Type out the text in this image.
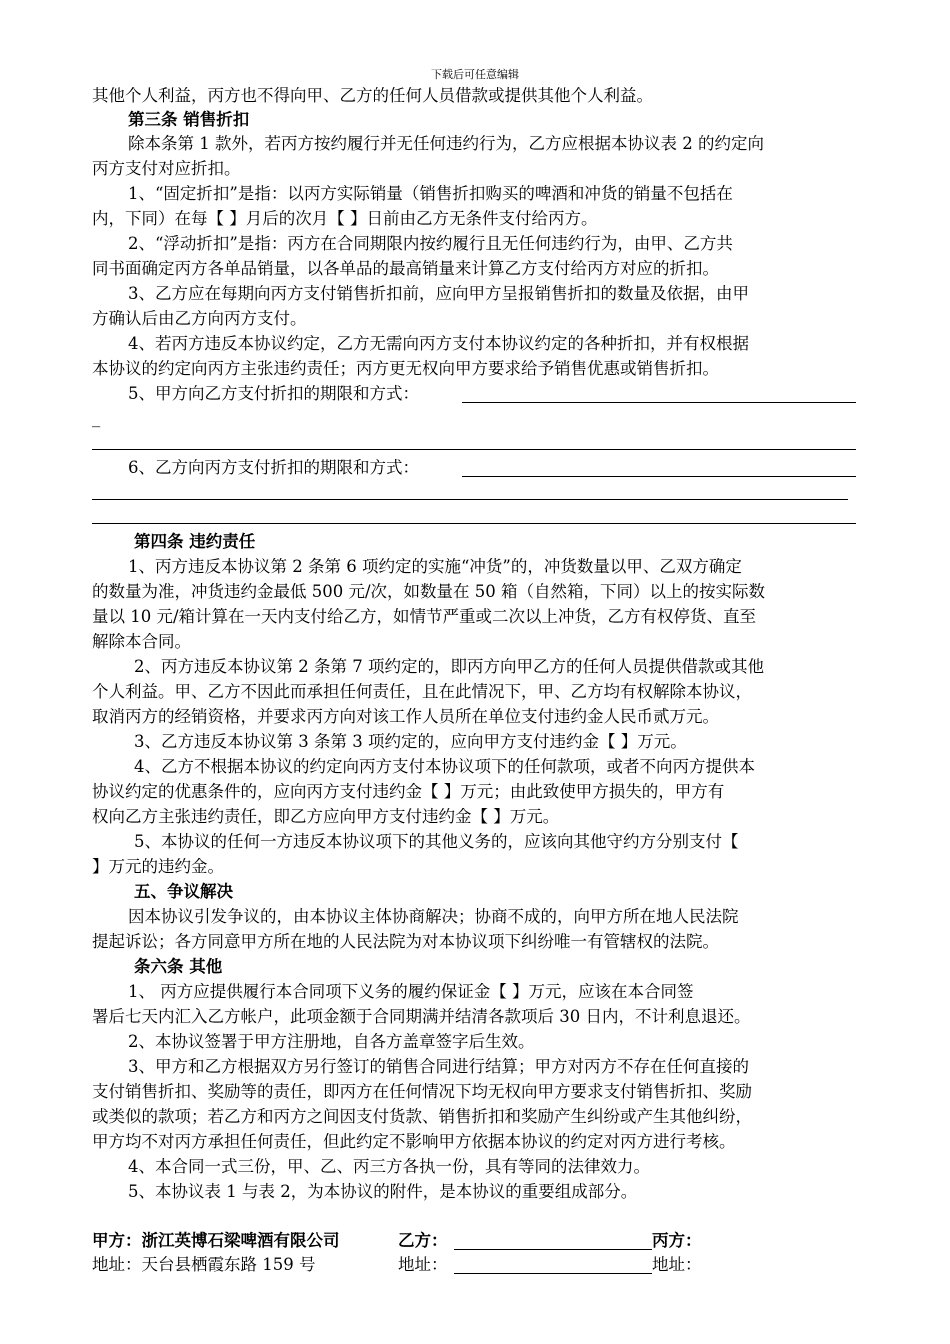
下载后可任意编辑
其他个人利益，丙方也不得向甲、乙方的任何人员借款或提供其他个人利益。
第三条 销售折扣
除本条第 1 款外，若丙方按约履行并无任何违约行为，乙方应根据本协议表 2 的约定向
丙方支付对应折扣。
1、“固定折扣”是指：以丙方实际销量（销售折扣购买的啤酒和冲货的销量不包括在
内，下同）在每【 】月后的次月【 】日前由乙方无条件支付给丙方。
2、“浮动折扣”是指：丙方在合同期限内按约履行且无任何违约行为，由甲、乙方共
同书面确定丙方各单品销量，以各单品的最高销量来计算乙方支付给丙方对应的折扣。
3、乙方应在每期向丙方支付销售折扣前，应向甲方呈报销售折扣的数量及依据，由甲
方确认后由乙方向丙方支付。
4、若丙方违反本协议约定，乙方无需向丙方支付本协议约定的各种折扣，并有权根据
本协议的约定向丙方主张违约责任；丙方更无权向甲方要求给予销售优惠或销售折扣。
5、甲方向乙方支付折扣的期限和方式：
_
6、乙方向丙方支付折扣的期限和方式：
第四条 违约责任
1、丙方违反本协议第 2 条第 6 项约定的实施“冲货”的，冲货数量以甲、乙双方确定
的数量为准，冲货违约金最低 500 元/次，如数量在 50 箱（自然箱，下同）以上的按实际数
量以 10 元/箱计算在一天内支付给乙方，如情节严重或二次以上冲货，乙方有权停货、直至
解除本合同。
2、丙方违反本协议第 2 条第 7 项约定的，即丙方向甲乙方的任何人员提供借款或其他
个人利益。甲、乙方不因此而承担任何责任，且在此情况下，甲、乙方均有权解除本协议，
取消丙方的经销资格，并要求丙方向对该工作人员所在单位支付违约金人民币贰万元。
3、乙方违反本协议第 3 条第 3 项约定的，应向甲方支付违约金【 】万元。
4、乙方不根据本协议的约定向丙方支付本协议项下的任何款项，或者不向丙方提供本
协议约定的优惠条件的，应向丙方支付违约金【 】万元；由此致使甲方损失的，甲方有
权向乙方主张违约责任，即乙方应向甲方支付违约金【 】万元。
5、本协议的任何一方违反本协议项下的其他义务的，应该向其他守约方分别支付【
】万元的违约金。
五、争议解决
因本协议引发争议的，由本协议主体协商解决；协商不成的，向甲方所在地人民法院
提起诉讼；各方同意甲方所在地的人民法院为对本协议项下纠纷唯一有管辖权的法院。
条六条 其他
1、 丙方应提供履行本合同项下义务的履约保证金【 】万元，应该在本合同签
署后七天内汇入乙方帐户，此项金额于合同期满并结清各款项后 30 日内，不计利息退还。
2、本协议签署于甲方注册地，自各方盖章签字后生效。
3、甲方和乙方根据双方另行签订的销售合同进行结算；甲方对丙方不存在任何直接的
支付销售折扣、奖励等的责任，即丙方在任何情况下均无权向甲方要求支付销售折扣、奖励
或类似的款项；若乙方和丙方之间因支付货款、销售折扣和奖励产生纠纷或产生其他纠纷，
甲方均不对丙方承担任何责任，但此约定不影响甲方依据本协议的约定对丙方进行考核。
4、本合同一式三份，甲、乙、丙三方各执一份，具有等同的法律效力。
5、本协议表 1 与表 2，为本协议的附件，是本协议的重要组成部分。
甲方：浙江英博石梁啤酒有限公司	乙方：	丙方：
地址：天台县栖霞东路 159 号	地址：	地址：
